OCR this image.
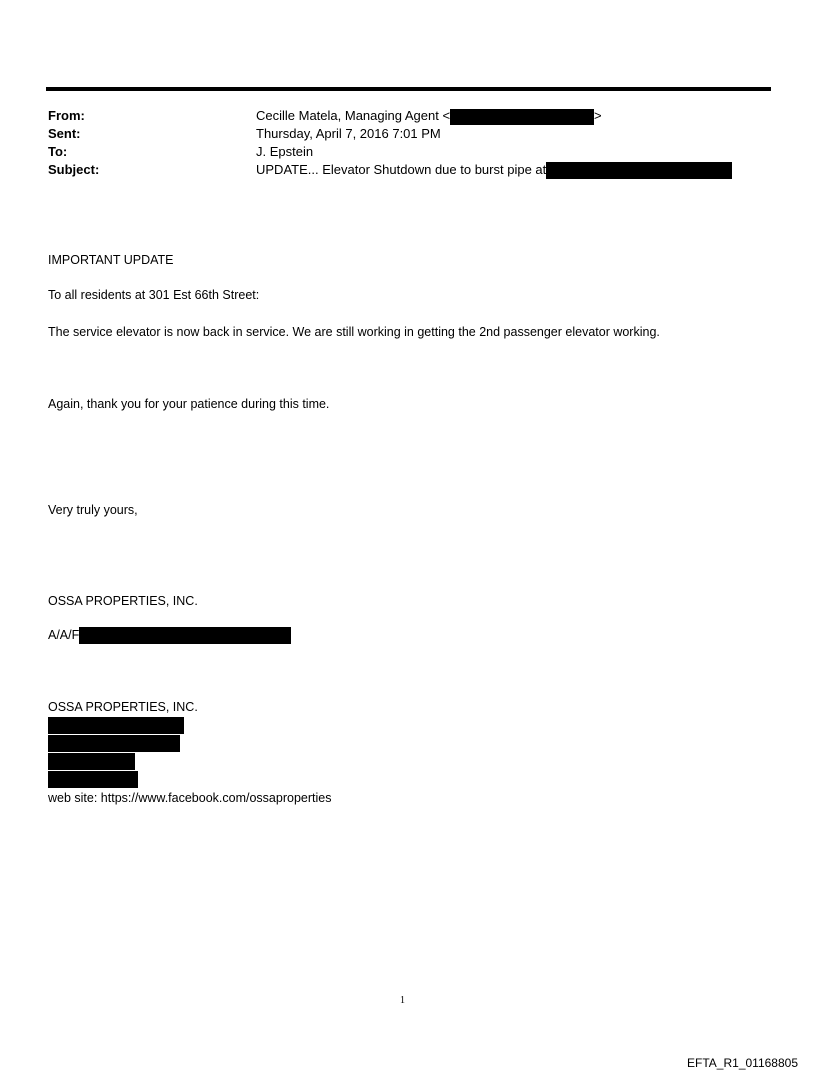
From:	Cecille Matela, Managing Agent <	>
Sent:	Thursday, April 7, 2016 7:01 PM
To:	J. Epstein
Subject:	UPDATE... Elevator Shutdown due to burst pipe at
IMPORTANT UPDATE
To all residents at 301 Est 66th Street:
The service elevator is now back in service. We are still working in getting the 2nd passenger elevator working.
Again, thank you for your patience during this time.
Very truly yours,
OSSA PROPERTIES, INC.
A/A/F
OSSA PROPERTIES, INC.
web site: https://www.facebook.com/ossaproperties
1
EFTA_R1_01168805
